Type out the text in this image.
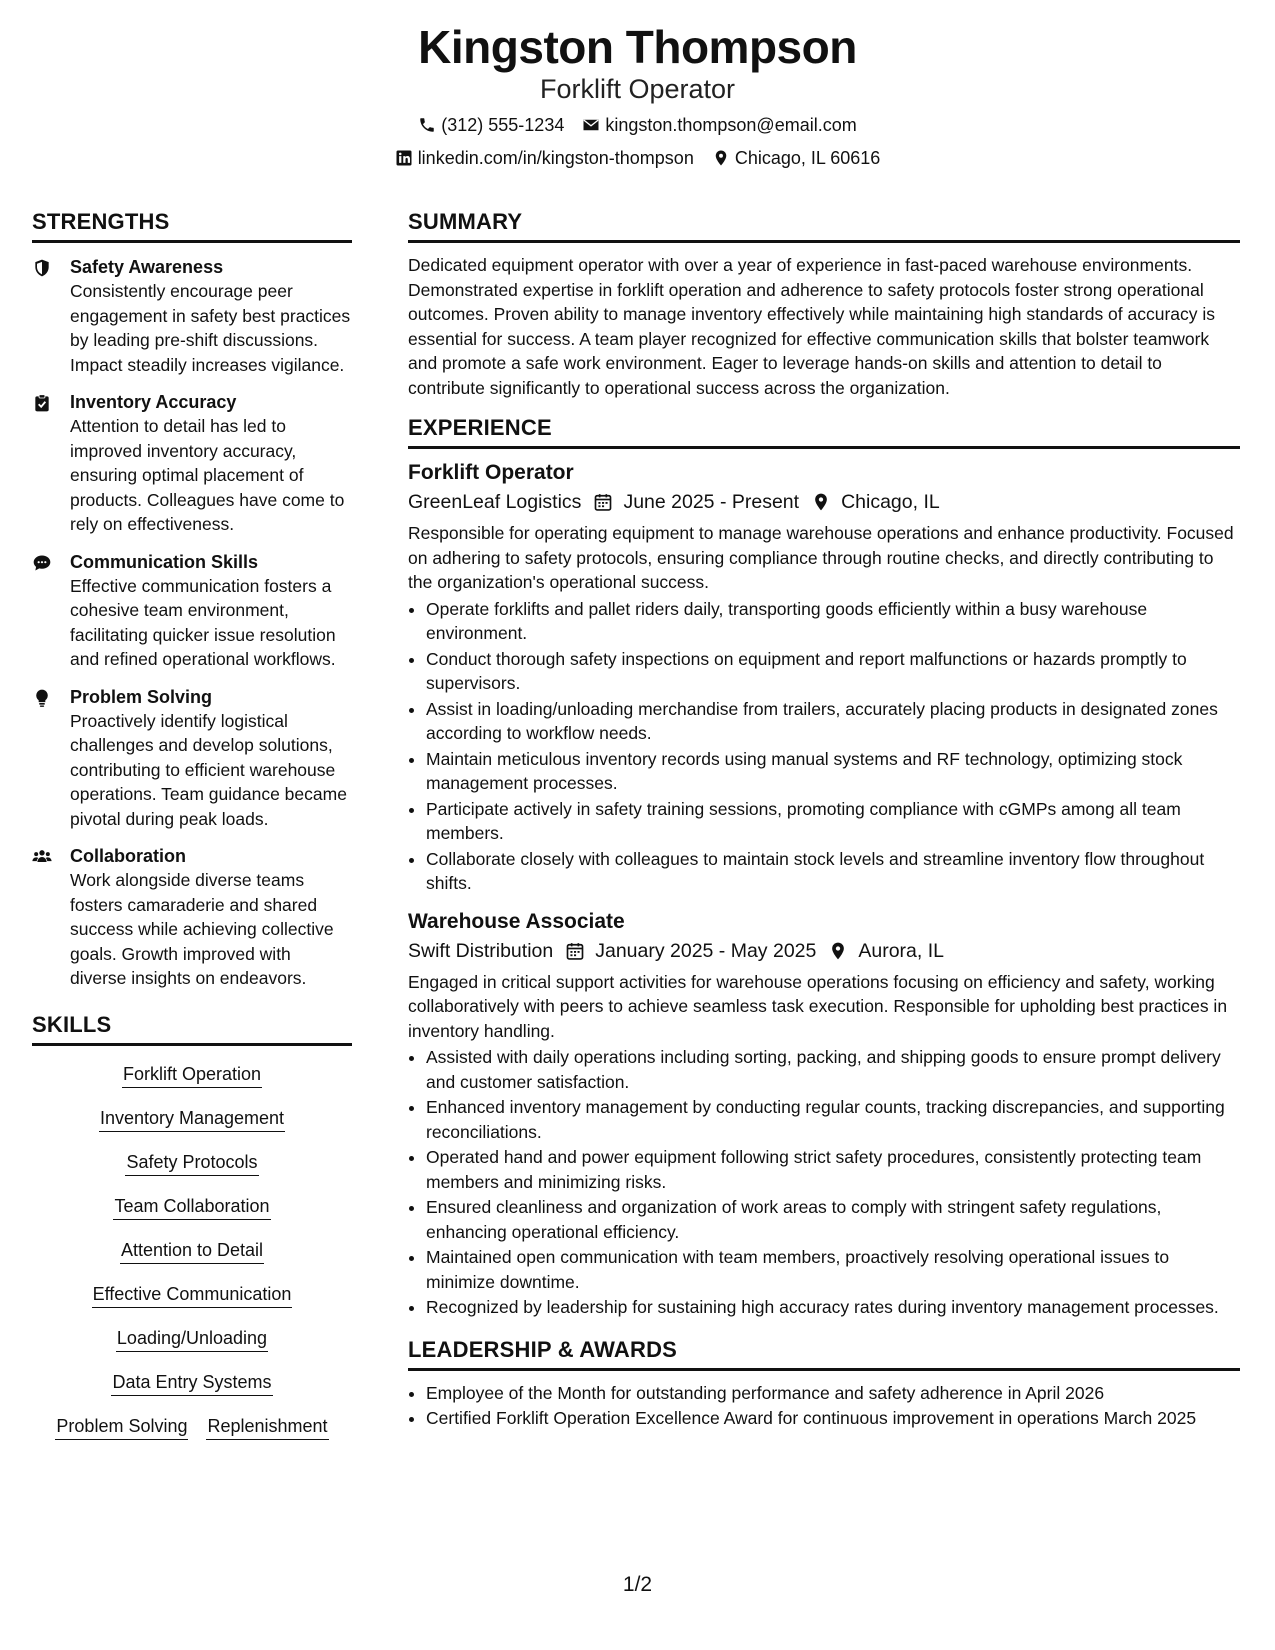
Kingston Thompson
Forklift Operator
(312) 555-1234 kingston.thompson@email.com
linkedin.com/in/kingston-thompson Chicago, IL 60616
STRENGTHS
Safety Awareness
Consistently encourage peer engagement in safety best practices by leading pre-shift discussions. Impact steadily increases vigilance.
Inventory Accuracy
Attention to detail has led to improved inventory accuracy, ensuring optimal placement of products. Colleagues have come to rely on effectiveness.
Communication Skills
Effective communication fosters a cohesive team environment, facilitating quicker issue resolution and refined operational workflows.
Problem Solving
Proactively identify logistical challenges and develop solutions, contributing to efficient warehouse operations. Team guidance became pivotal during peak loads.
Collaboration
Work alongside diverse teams fosters camaraderie and shared success while achieving collective goals. Growth improved with diverse insights on endeavors.
SKILLS
Forklift Operation
Inventory Management
Safety Protocols
Team Collaboration
Attention to Detail
Effective Communication
Loading/Unloading
Data Entry Systems
Problem Solving Replenishment
SUMMARY
Dedicated equipment operator with over a year of experience in fast-paced warehouse environments. Demonstrated expertise in forklift operation and adherence to safety protocols foster strong operational outcomes. Proven ability to manage inventory effectively while maintaining high standards of accuracy is essential for success. A team player recognized for effective communication skills that bolster teamwork and promote a safe work environment. Eager to leverage hands-on skills and attention to detail to contribute significantly to operational success across the organization.
EXPERIENCE
Forklift Operator
GreenLeaf Logistics June 2025 - Present Chicago, IL
Responsible for operating equipment to manage warehouse operations and enhance productivity. Focused on adhering to safety protocols, ensuring compliance through routine checks, and directly contributing to the organization's operational success.
• Operate forklifts and pallet riders daily, transporting goods efficiently within a busy warehouse environment.
• Conduct thorough safety inspections on equipment and report malfunctions or hazards promptly to supervisors.
• Assist in loading/unloading merchandise from trailers, accurately placing products in designated zones according to workflow needs.
• Maintain meticulous inventory records using manual systems and RF technology, optimizing stock management processes.
• Participate actively in safety training sessions, promoting compliance with cGMPs among all team members.
• Collaborate closely with colleagues to maintain stock levels and streamline inventory flow throughout shifts.
Warehouse Associate
Swift Distribution January 2025 - May 2025 Aurora, IL
Engaged in critical support activities for warehouse operations focusing on efficiency and safety, working collaboratively with peers to achieve seamless task execution. Responsible for upholding best practices in inventory handling.
• Assisted with daily operations including sorting, packing, and shipping goods to ensure prompt delivery and customer satisfaction.
• Enhanced inventory management by conducting regular counts, tracking discrepancies, and supporting reconciliations.
• Operated hand and power equipment following strict safety procedures, consistently protecting team members and minimizing risks.
• Ensured cleanliness and organization of work areas to comply with stringent safety regulations, enhancing operational efficiency.
• Maintained open communication with team members, proactively resolving operational issues to minimize downtime.
• Recognized by leadership for sustaining high accuracy rates during inventory management processes.
LEADERSHIP & AWARDS
• Employee of the Month for outstanding performance and safety adherence in April 2026
• Certified Forklift Operation Excellence Award for continuous improvement in operations March 2025
1/2
